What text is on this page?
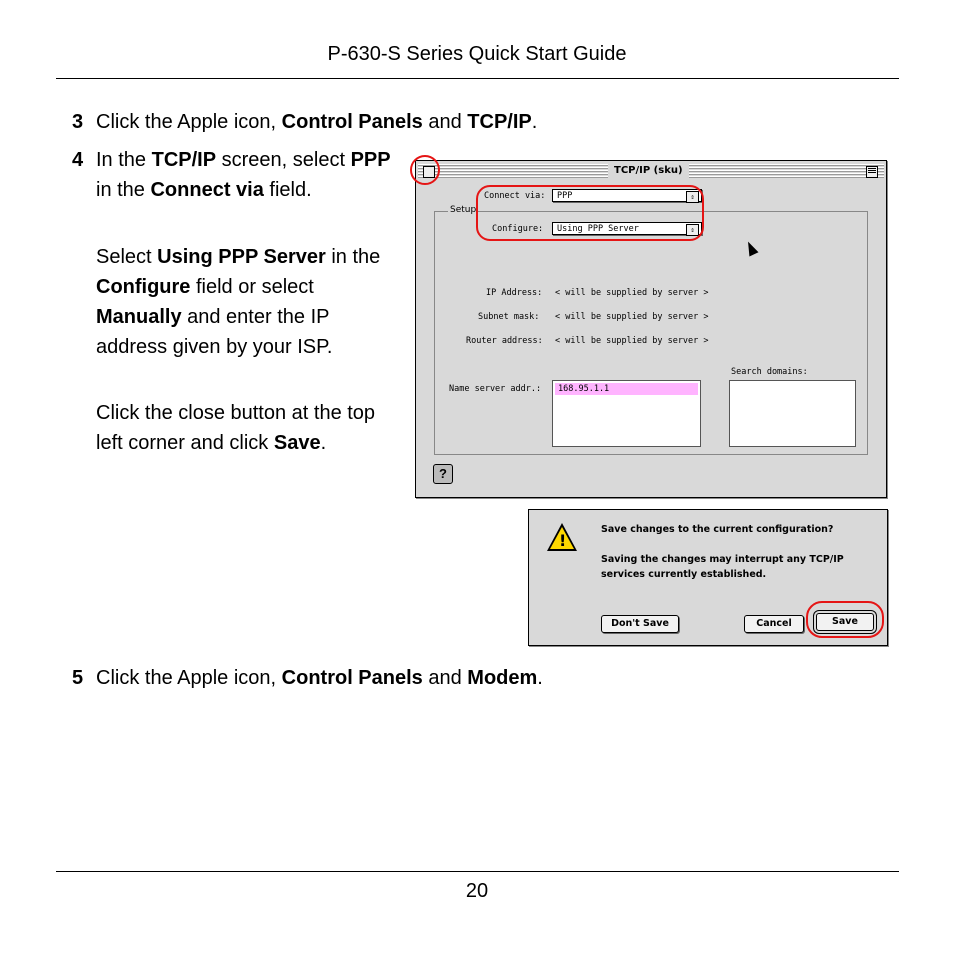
P-630-S Series Quick Start Guide
3 Click the Apple icon, Control Panels and TCP/IP.
4 In the TCP/IP screen, select PPP in the Connect via field.
Select Using PPP Server in the Configure field or select Manually and enter the IP address given by your ISP.
Click the close button at the top left corner and click Save.
TCP/IP (sku)
Connect via:	PPP	⇕
Setup
Configure:	Using PPP Server	⇕
IP Address: < will be supplied by server >
Subnet mask: < will be supplied by server >
Router address: < will be supplied by server >
Name server addr.:	168.95.1.1
Search domains:
?
!
Save changes to the current configuration?
Saving the changes may interrupt any TCP/IP services currently established.
Don't Save	Cancel	Save
5 Click the Apple icon, Control Panels and Modem.
20
